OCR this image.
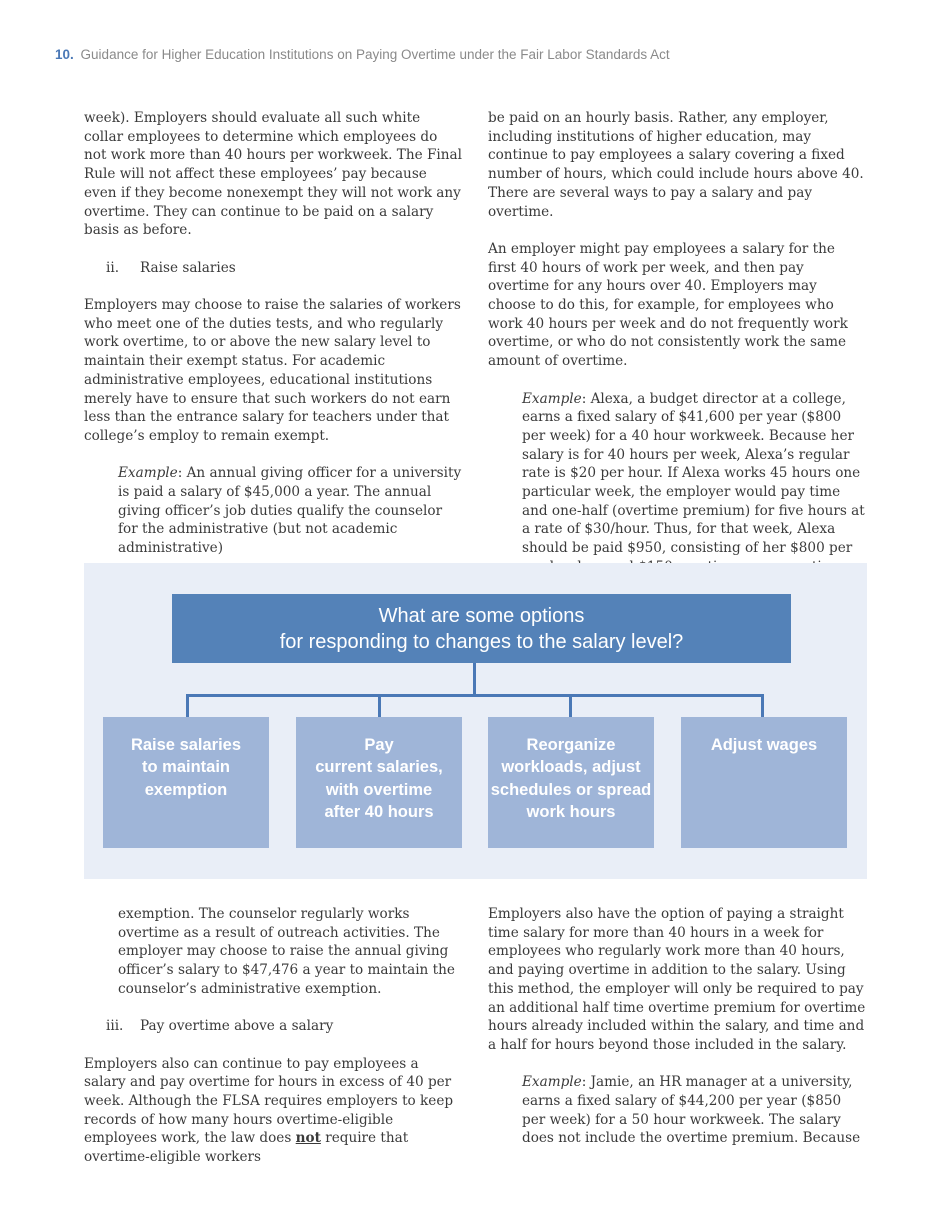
10. Guidance for Higher Education Institutions on Paying Overtime under the Fair Labor Standards Act

week). Employers should evaluate all such white collar employees to determine which employees do not work more than 40 hours per workweek. The Final Rule will not affect these employees’ pay because even if they become nonexempt they will not work any overtime. They can continue to be paid on a salary basis as before.

ii. Raise salaries

Employers may choose to raise the salaries of workers who meet one of the duties tests, and who regularly work overtime, to or above the new salary level to maintain their exempt status. For academic administrative employees, educational institutions merely have to ensure that such workers do not earn less than the entrance salary for teachers under that college’s employ to remain exempt.

Example: An annual giving officer for a university is paid a salary of $45,000 a year. The annual giving officer’s job duties qualify the counselor for the administrative (but not academic administrative)

be paid on an hourly basis. Rather, any employer, including institutions of higher education, may continue to pay employees a salary covering a fixed number of hours, which could include hours above 40. There are several ways to pay a salary and pay overtime.

An employer might pay employees a salary for the first 40 hours of work per week, and then pay overtime for any hours over 40. Employers may choose to do this, for example, for employees who work 40 hours per week and do not frequently work overtime, or who do not consistently work the same amount of overtime.

Example: Alexa, a budget director at a college, earns a fixed salary of $41,600 per year ($800 per week) for a 40 hour workweek. Because her salary is for 40 hours per week, Alexa’s regular rate is $20 per hour. If Alexa works 45 hours one particular week, the employer would pay time and one-half (overtime premium) for five hours at a rate of $30/hour. Thus, for that week, Alexa should be paid $950, consisting of her $800 per

What are some options
for responding to changes to the salary level?
Raise salaries
to maintain
exemption
Pay
current salaries,
with overtime
after 40 hours
Reorganize
workloads, adjust
schedules or spread
work hours
Adjust wages

exemption. The counselor regularly works overtime as a result of outreach activities. The employer may choose to raise the annual giving officer’s salary to $47,476 a year to maintain the counselor’s administrative exemption.

iii. Pay overtime above a salary

Employers also can continue to pay employees a salary and pay overtime for hours in excess of 40 per week. Although the FLSA requires employers to keep records of how many hours overtime-eligible employees work, the law does not require that overtime-eligible workers

Employers also have the option of paying a straight time salary for more than 40 hours in a week for employees who regularly work more than 40 hours, and paying overtime in addition to the salary. Using this method, the employer will only be required to pay an additional half time overtime premium for overtime hours already included within the salary, and time and a half for hours beyond those included in the salary.

Example: Jamie, an HR manager at a university, earns a fixed salary of $44,200 per year ($850 per week) for a 50 hour workweek. The salary does not include the overtime premium. Because
